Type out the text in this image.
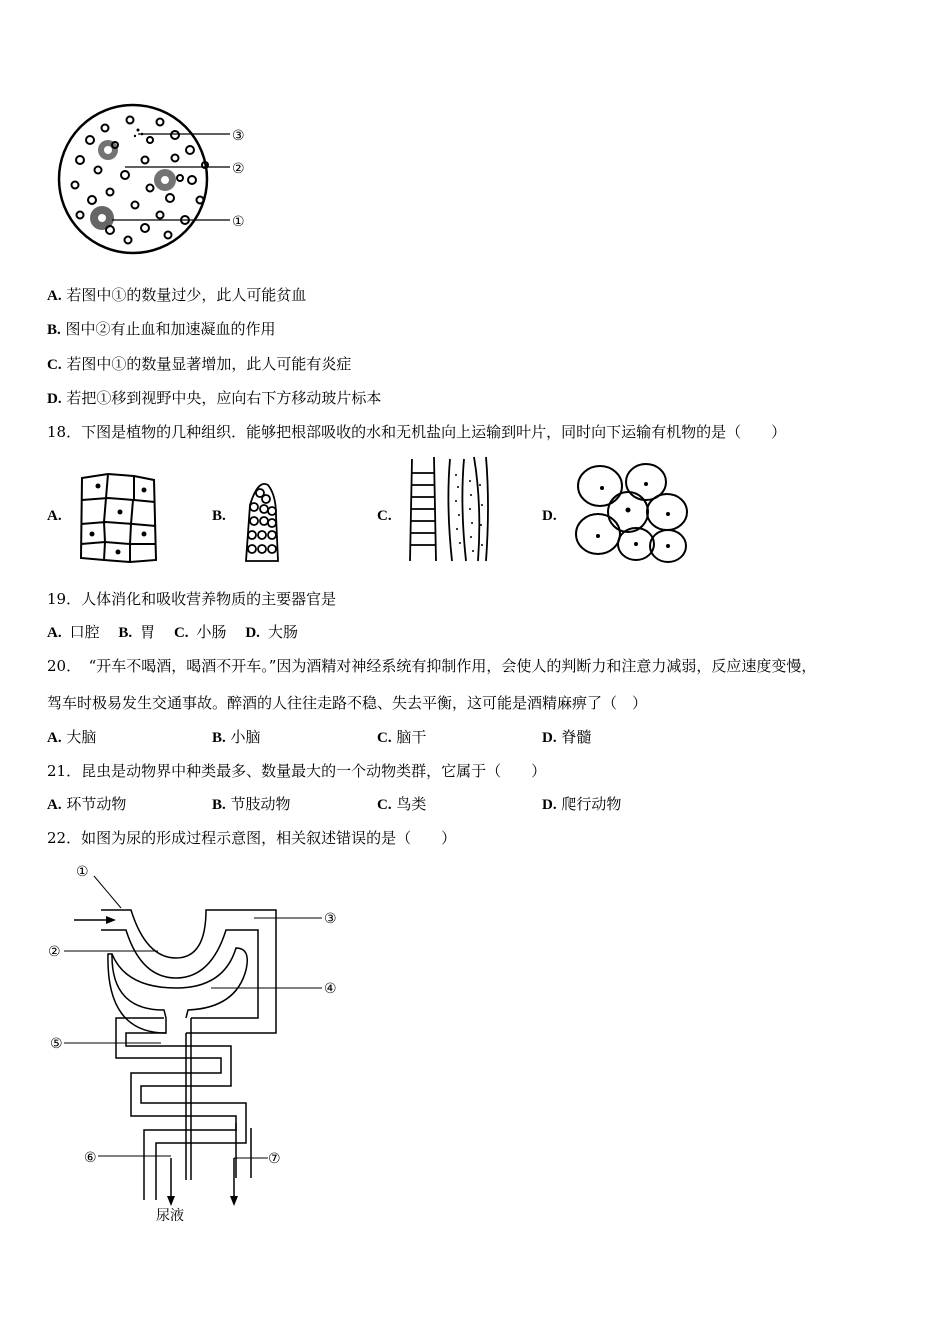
③
②
①
A. 若图中①的数量过少，此人可能贫血
B. 图中②有止血和加速凝血的作用
C. 若图中①的数量显著增加，此人可能有炎症
D. 若把①移到视野中央，应向右下方移动玻片标本
18．下图是植物的几种组织．能够把根部吸收的水和无机盐向上运输到叶片，同时向下运输有机物的是（　　）
A.	B.	C.	D.
19．人体消化和吸收营养物质的主要器官是
A. 口腔 B. 胃 C. 小肠 D. 大肠
20．　“开车不喝酒，喝酒不开车。”因为酒精对神经系统有抑制作用，会使人的判断力和注意力减弱，反应速度变慢，
驾车时极易发生交通事故。醉酒的人往往走路不稳、失去平衡，这可能是酒精麻痹了（　）
A. 大脑	B. 小脑	C. 脑干	D. 脊髓
21．昆虫是动物界中种类最多、数量最大的一个动物类群，它属于（　　）
A. 环节动物	B. 节肢动物	C. 鸟类	D. 爬行动物
22．如图为尿的形成过程示意图，相关叙述错误的是（　　）
①
②
③
④
⑤
⑥	⑦
尿液
